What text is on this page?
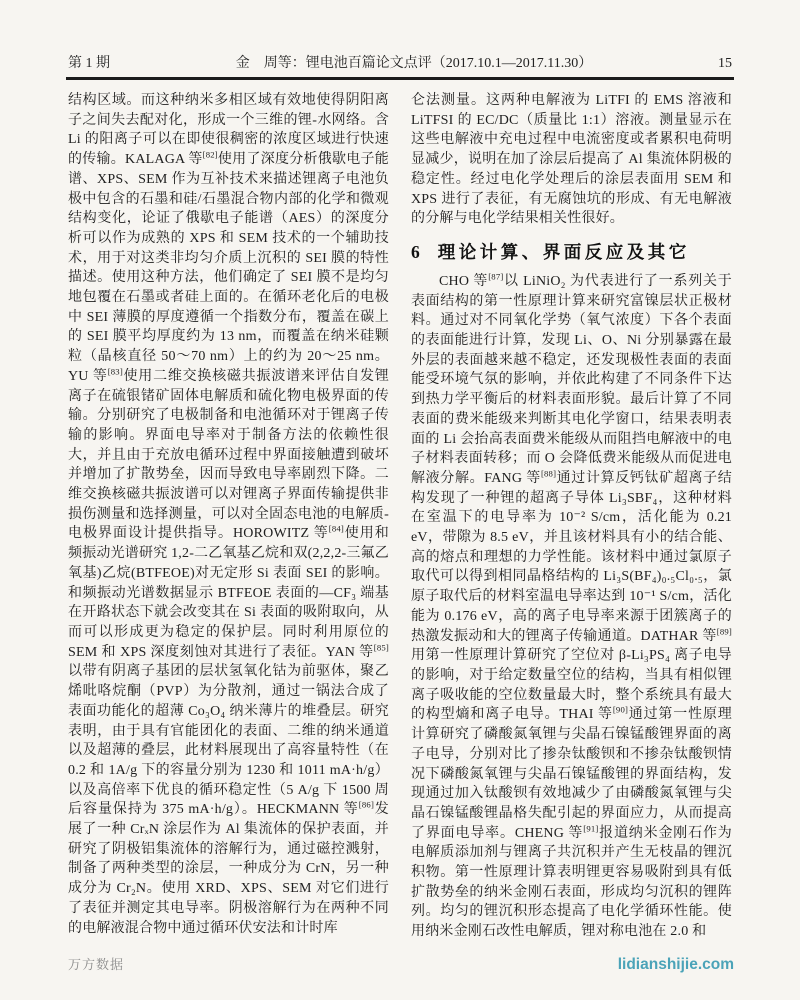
第 1 期	金　周等：锂电池百篇论文点评（2017.10.1—2017.11.30）	15

结构区域。而这种纳米多相区域有效地使得阴阳离子之间失去配对化，形成一个三维的锂-水网络。含 Li 的阳离子可以在即使很稠密的浓度区域进行快速的传输。KALAGA 等[82]使用了深度分析俄歇电子能谱、XPS、SEM 作为互补技术来描述锂离子电池负极中包含的石墨和硅/石墨混合物内部的化学和微观结构变化，论证了俄歇电子能谱（AES）的深度分析可以作为成熟的 XPS 和 SEM 技术的一个辅助技术，用于对这类非均匀介质上沉积的 SEI 膜的特性描述。使用这种方法，他们确定了 SEI 膜不是均匀地包覆在石墨或者硅上面的。在循环老化后的电极中 SEI 薄膜的厚度遵循一个指数分布，覆盖在碳上的 SEI 膜平均厚度约为 13 nm，而覆盖在纳米硅颗粒（晶核直径 50～70 nm）上的约为 20～25 nm。YU 等[83]使用二维交换核磁共振波谱来评估自发锂离子在硫银锗矿固体电解质和硫化物电极界面的传输。分别研究了电极制备和电池循环对于锂离子传输的影响。界面电导率对于制备方法的依赖性很大，并且由于充放电循环过程中界面接触遭到破坏并增加了扩散势垒，因而导致电导率剧烈下降。二维交换核磁共振波谱可以对锂离子界面传输提供非损伤测量和选择测量，可以对全固态电池的电解质-电极界面设计提供指导。HOROWITZ 等[84]使用和频振动光谱研究 1,2-二乙氧基乙烷和双(2,2,2-三氟乙氧基)乙烷(BTFEOE)对无定形 Si 表面 SEI 的影响。和频振动光谱数据显示 BTFEOE 表面的—CF₃ 端基在开路状态下就会改变其在 Si 表面的吸附取向，从而可以形成更为稳定的保护层。同时利用原位的 SEM 和 XPS 深度刻蚀对其进行了表征。YAN 等[85]以带有阴离子基团的层状氢氧化钴为前驱体，聚乙烯吡咯烷酮（PVP）为分散剂，通过一锅法合成了表面功能化的超薄 Co₃O₄ 纳米薄片的堆叠层。研究表明，由于具有官能团化的表面、二维的纳米通道以及超薄的叠层，此材料展现出了高容量特性（在 0.2 和 1A/g 下的容量分别为 1230 和 1011 mA·h/g）以及高倍率下优良的循环稳定性（5 A/g 下 1500 周后容量保持为 375 mA·h/g）。HECKMANN 等[86]发展了一种 CrₓN 涂层作为 Al 集流体的保护表面，并研究了阴极铝集流体的溶解行为，通过磁控溅射，制备了两种类型的涂层，一种成分为 CrN，另一种成分为 Cr₂N。使用 XRD、XPS、SEM 对它们进行了表征并测定其电导率。阴极溶解行为在两种不同的电解液混合物中通过循环伏安法和计时库

仑法测量。这两种电解液为 LiTFI 的 EMS 溶液和 LiTFSI 的 EC/DC（质量比 1:1）溶液。测量显示在这些电解液中充电过程中电流密度或者累积电荷明显减少，说明在加了涂层后提高了 Al 集流体阴极的稳定性。经过电化学处理后的涂层表面用 SEM 和 XPS 进行了表征，有无腐蚀坑的形成、有无电解液的分解与电化学结果相关性很好。

6 理论计算、界面反应及其它

CHO 等[87]以 LiNiO₂ 为代表进行了一系列关于表面结构的第一性原理计算来研究富镍层状正极材料。通过对不同氧化学势（氧气浓度）下各个表面的表面能进行计算，发现 Li、O、Ni 分别暴露在最外层的表面越来越不稳定，还发现极性表面的表面能受环境气氛的影响，并依此构建了不同条件下达到热力学平衡后的材料表面形貌。最后计算了不同表面的费米能级来判断其电化学窗口，结果表明表面的 Li 会抬高表面费米能级从而阻挡电解液中的电子材料表面转移；而 O 会降低费米能级从而促进电解液分解。FANG 等[88]通过计算反钙钛矿超离子结构发现了一种锂的超离子导体 Li₃SBF₄，这种材料在室温下的电导率为 10⁻² S/cm，活化能为 0.21 eV，带隙为 8.5 eV，并且该材料具有小的结合能、高的熔点和理想的力学性能。该材料中通过氯原子取代可以得到相同晶格结构的 Li₃S(BF₄)₀.₅Cl₀.₅，氯原子取代后的材料室温电导率达到 10⁻¹ S/cm，活化能为 0.176 eV，高的离子电导率来源于团簇离子的热激发振动和大的锂离子传输通道。DATHAR 等[89]用第一性原理计算研究了空位对 β-Li₃PS₄ 离子电导的影响，对于给定数量空位的结构，当具有相似锂离子吸收能的空位数量最大时，整个系统具有最大的构型熵和离子电导。THAI 等[90]通过第一性原理计算研究了磷酸氮氧锂与尖晶石镍锰酸锂界面的离子电导，分别对比了掺杂钛酸钡和不掺杂钛酸钡情况下磷酸氮氧锂与尖晶石镍锰酸锂的界面结构，发现通过加入钛酸钡有效地减少了由磷酸氮氧锂与尖晶石镍锰酸锂晶格失配引起的界面应力，从而提高了界面电导率。CHENG 等[91]报道纳米金刚石作为电解质添加剂与锂离子共沉积并产生无枝晶的锂沉积物。第一性原理计算表明锂更容易吸附到具有低扩散势垒的纳米金刚石表面，形成均匀沉积的锂阵列。均匀的锂沉积形态提高了电化学循环性能。使用纳米金刚石改性电解质，锂对称电池在 2.0 和

万方数据	lidianshijie.com
